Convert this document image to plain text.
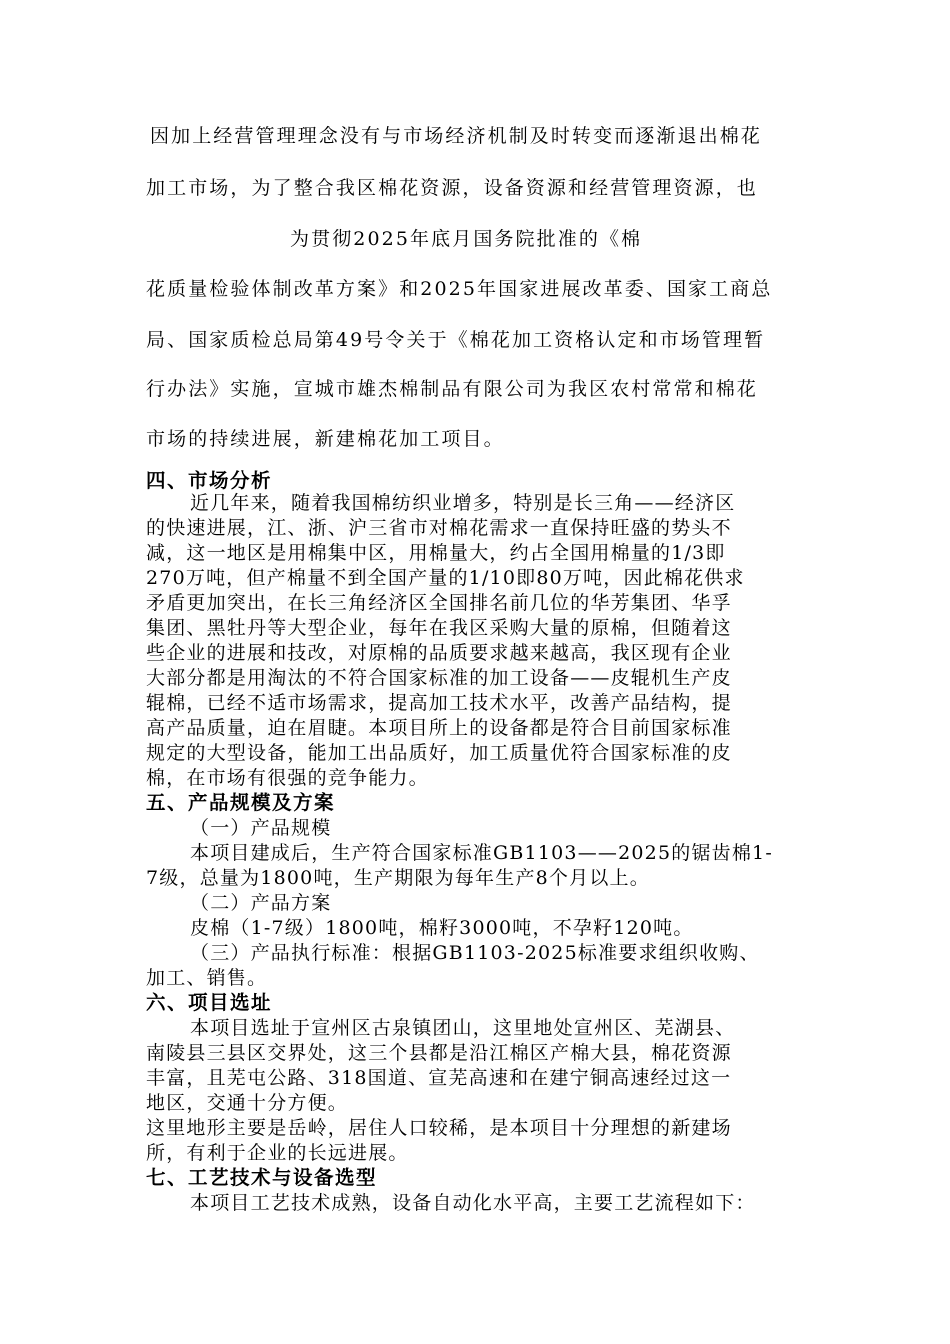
因加上经营管理理念没有与市场经济机制及时转变而逐渐退出棉花
加工市场，为了整合我区棉花资源，设备资源和经营管理资源，也
为贯彻2025年底月国务院批准的《棉
花质量检验体制改革方案》和2025年国家进展改革委、国家工商总
局、国家质检总局第49号令关于《棉花加工资格认定和市场管理暂
行办法》实施，宣城市雄杰棉制品有限公司为我区农村常常和棉花
市场的持续进展，新建棉花加工项目。
四、市场分析
近几年来，随着我国棉纺织业增多，特别是长三角——经济区
的快速进展，江、浙、沪三省市对棉花需求一直保持旺盛的势头不
减，这一地区是用棉集中区，用棉量大，约占全国用棉量的1/3即
270万吨，但产棉量不到全国产量的1/10即80万吨，因此棉花供求
矛盾更加突出，在长三角经济区全国排名前几位的华芳集团、华孚
集团、黑牡丹等大型企业，每年在我区采购大量的原棉，但随着这
些企业的进展和技改，对原棉的品质要求越来越高，我区现有企业
大部分都是用淘汰的不符合国家标准的加工设备——皮辊机生产皮
辊棉，已经不适市场需求，提高加工技术水平，改善产品结构，提
高产品质量，迫在眉睫。本项目所上的设备都是符合目前国家标准
规定的大型设备，能加工出品质好，加工质量优符合国家标准的皮
棉，在市场有很强的竞争能力。
五、产品规模及方案
（一）产品规模
本项目建成后，生产符合国家标准GB1103——2025的锯齿棉1-
7级，总量为1800吨，生产期限为每年生产8个月以上。
（二）产品方案
皮棉（1-7级）1800吨，棉籽3000吨，不孕籽120吨。
（三）产品执行标准：根据GB1103-2025标准要求组织收购、
加工、销售。
六、项目选址
本项目选址于宣州区古泉镇团山，这里地处宣州区、芜湖县、
南陵县三县区交界处，这三个县都是沿江棉区产棉大县，棉花资源
丰富，且芜屯公路、318国道、宣芜高速和在建宁铜高速经过这一
地区，交通十分方便。
这里地形主要是岳岭，居住人口较稀，是本项目十分理想的新建场
所，有利于企业的长远进展。
七、工艺技术与设备选型
本项目工艺技术成熟，设备自动化水平高，主要工艺流程如下：
